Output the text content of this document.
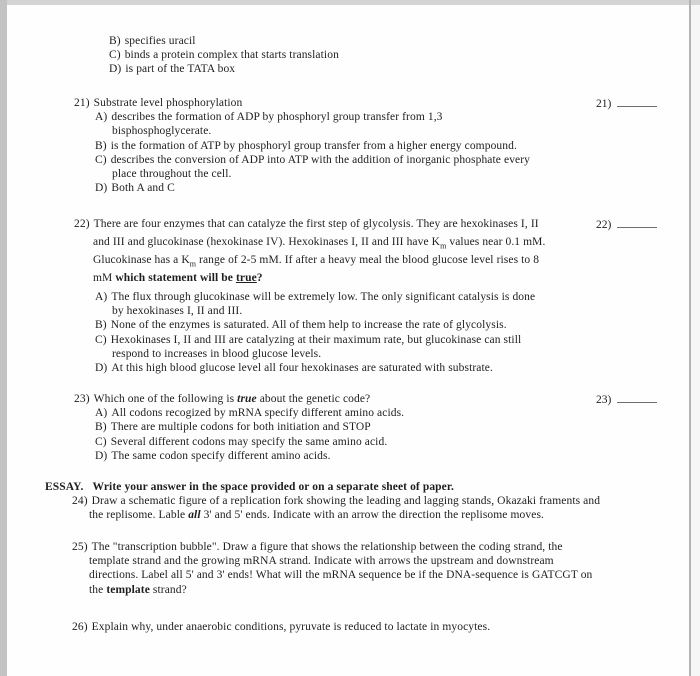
B) specifies uracil
C) binds a protein complex that starts translation
D) is part of the TATA box
21) Substrate level phosphorylation
A) describes the formation of ADP by phosphoryl group transfer from 1,3
bisphosphoglycerate.
B) is the formation of ATP by phosphoryl group transfer from a higher energy compound.
C) describes the conversion of ADP into ATP with the addition of inorganic phosphate every
place throughout the cell.
D) Both A and C
21)
22) There are four enzymes that can catalyze the first step of glycolysis. They are hexokinases I, II
and III and glucokinase (hexokinase IV). Hexokinases I, II and III have $K_m$ values near 0.1 mM.
Glucokinase has a $K_m$ range of 2-5 mM. If after a heavy meal the blood glucose level rises to 8
mM which statement will be true?
A) The flux through glucokinase will be extremely low. The only significant catalysis is done
by hexokinases I, II and III.
B) None of the enzymes is saturated. All of them help to increase the rate of glycolysis.
C) Hexokinases I, II and III are catalyzing at their maximum rate, but glucokinase can still
respond to increases in blood glucose levels.
D) At this high blood glucose level all four hexokinases are saturated with substrate.
22)
23) Which one of the following is true about the genetic code?
A) All codons recogized by mRNA specify different amino acids.
B) There are multiple codons for both initiation and STOP
C) Several different codons may specify the same amino acid.
D) The same codon specify different amino acids.
23)
ESSAY. Write your answer in the space provided or on a separate sheet of paper.
24) Draw a schematic figure of a replication fork showing the leading and lagging stands, Okazaki framents and
the replisome. Lable all 3' and 5' ends. Indicate with an arrow the direction the replisome moves.
25) The "transcription bubble". Draw a figure that shows the relationship between the coding strand, the
template strand and the growing mRNA strand. Indicate with arrows the upstream and downstream
directions. Label all 5' and 3' ends! What will the mRNA sequence be if the DNA-sequence is GATCGT on
the template strand?
26) Explain why, under anaerobic conditions, pyruvate is reduced to lactate in myocytes.
